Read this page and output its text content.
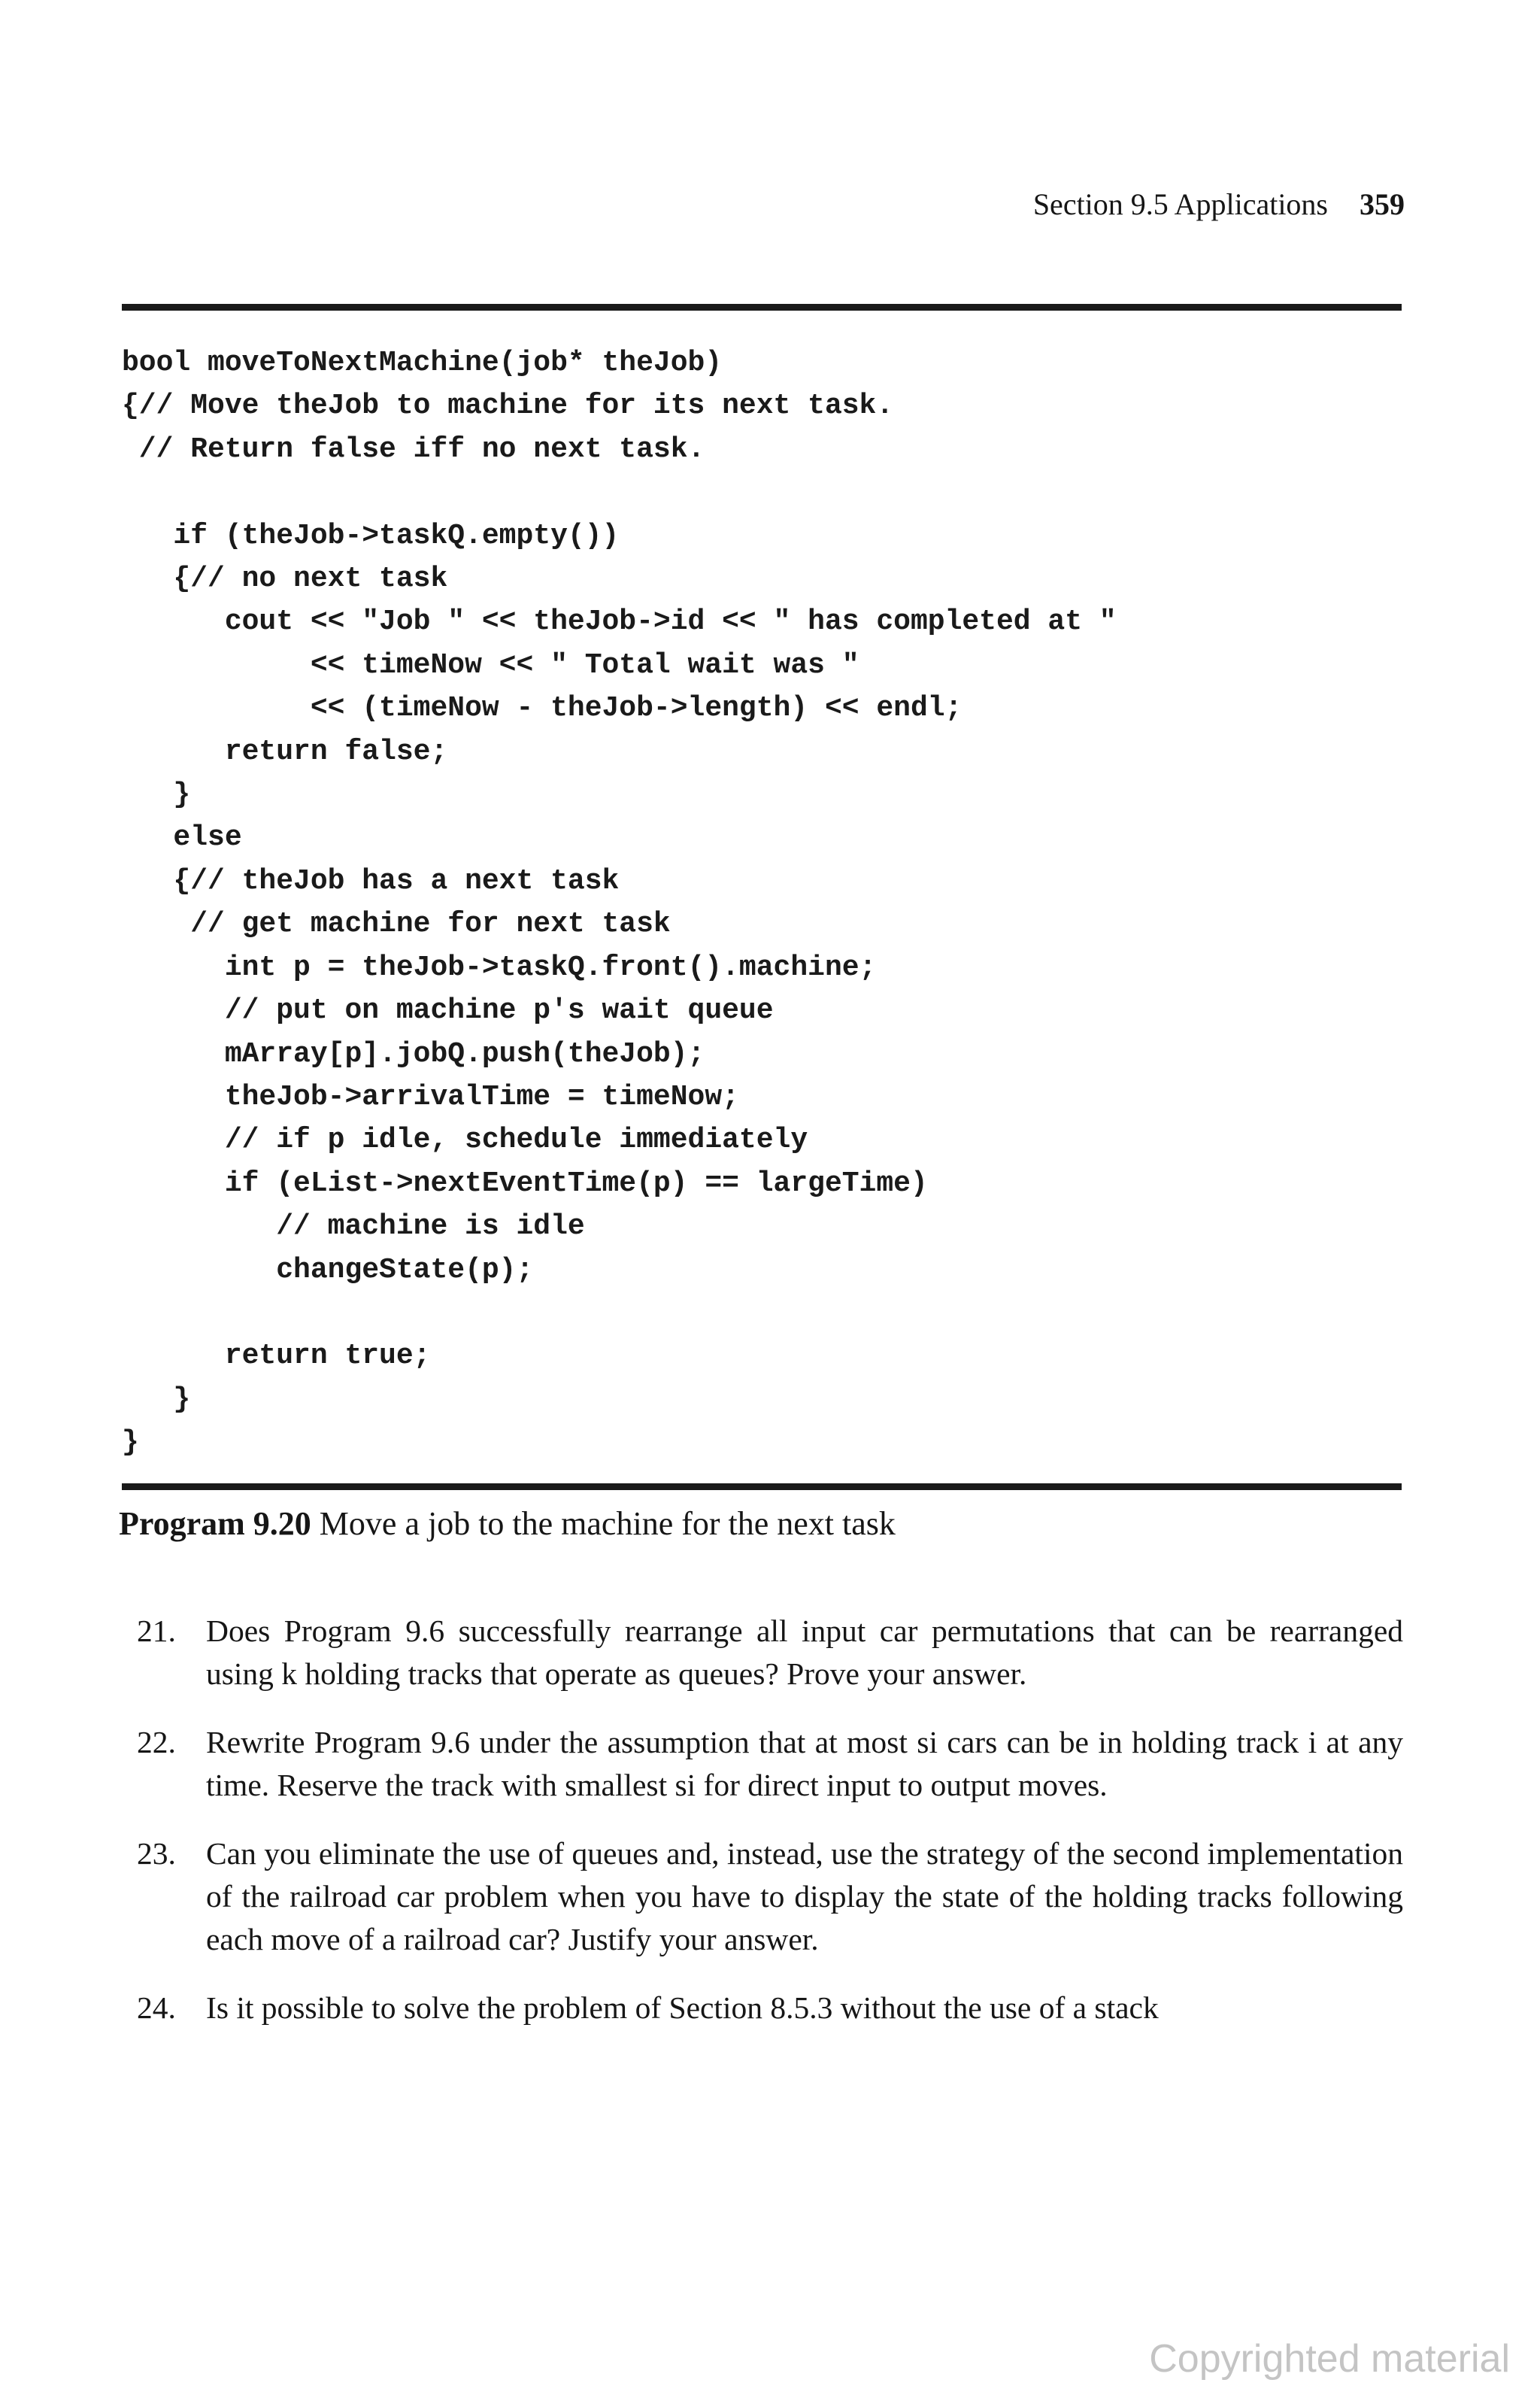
Section 9.5 Applications 359
bool moveToNextMachine(job* theJob)
{// Move theJob to machine for its next task.
// Return false iff no next task.

if (theJob->taskQ.empty())
{// no next task
cout << "Job " << theJob->id << " has completed at "
<< timeNow << " Total wait was "
<< (timeNow - theJob->length) << endl;
return false;
}
else
{// theJob has a next task
// get machine for next task
int p = theJob->taskQ.front().machine;
// put on machine p's wait queue
mArray[p].jobQ.push(theJob);
theJob->arrivalTime = timeNow;
// if p idle, schedule immediately
if (eList->nextEventTime(p) == largeTime)
// machine is idle
changeState(p);

return true;
}
}
Program 9.20 Move a job to the machine for the next task
21. Does Program 9.6 successfully rearrange all input car permutations that can be rearranged using k holding tracks that operate as queues? Prove your answer.
22. Rewrite Program 9.6 under the assumption that at most si cars can be in holding track i at any time. Reserve the track with smallest si for direct input to output moves.
23. Can you eliminate the use of queues and, instead, use the strategy of the second implementation of the railroad car problem when you have to display the state of the holding tracks following each move of a railroad car? Justify your answer.
24. Is it possible to solve the problem of Section 8.5.3 without the use of a stack
Copyrighted material
